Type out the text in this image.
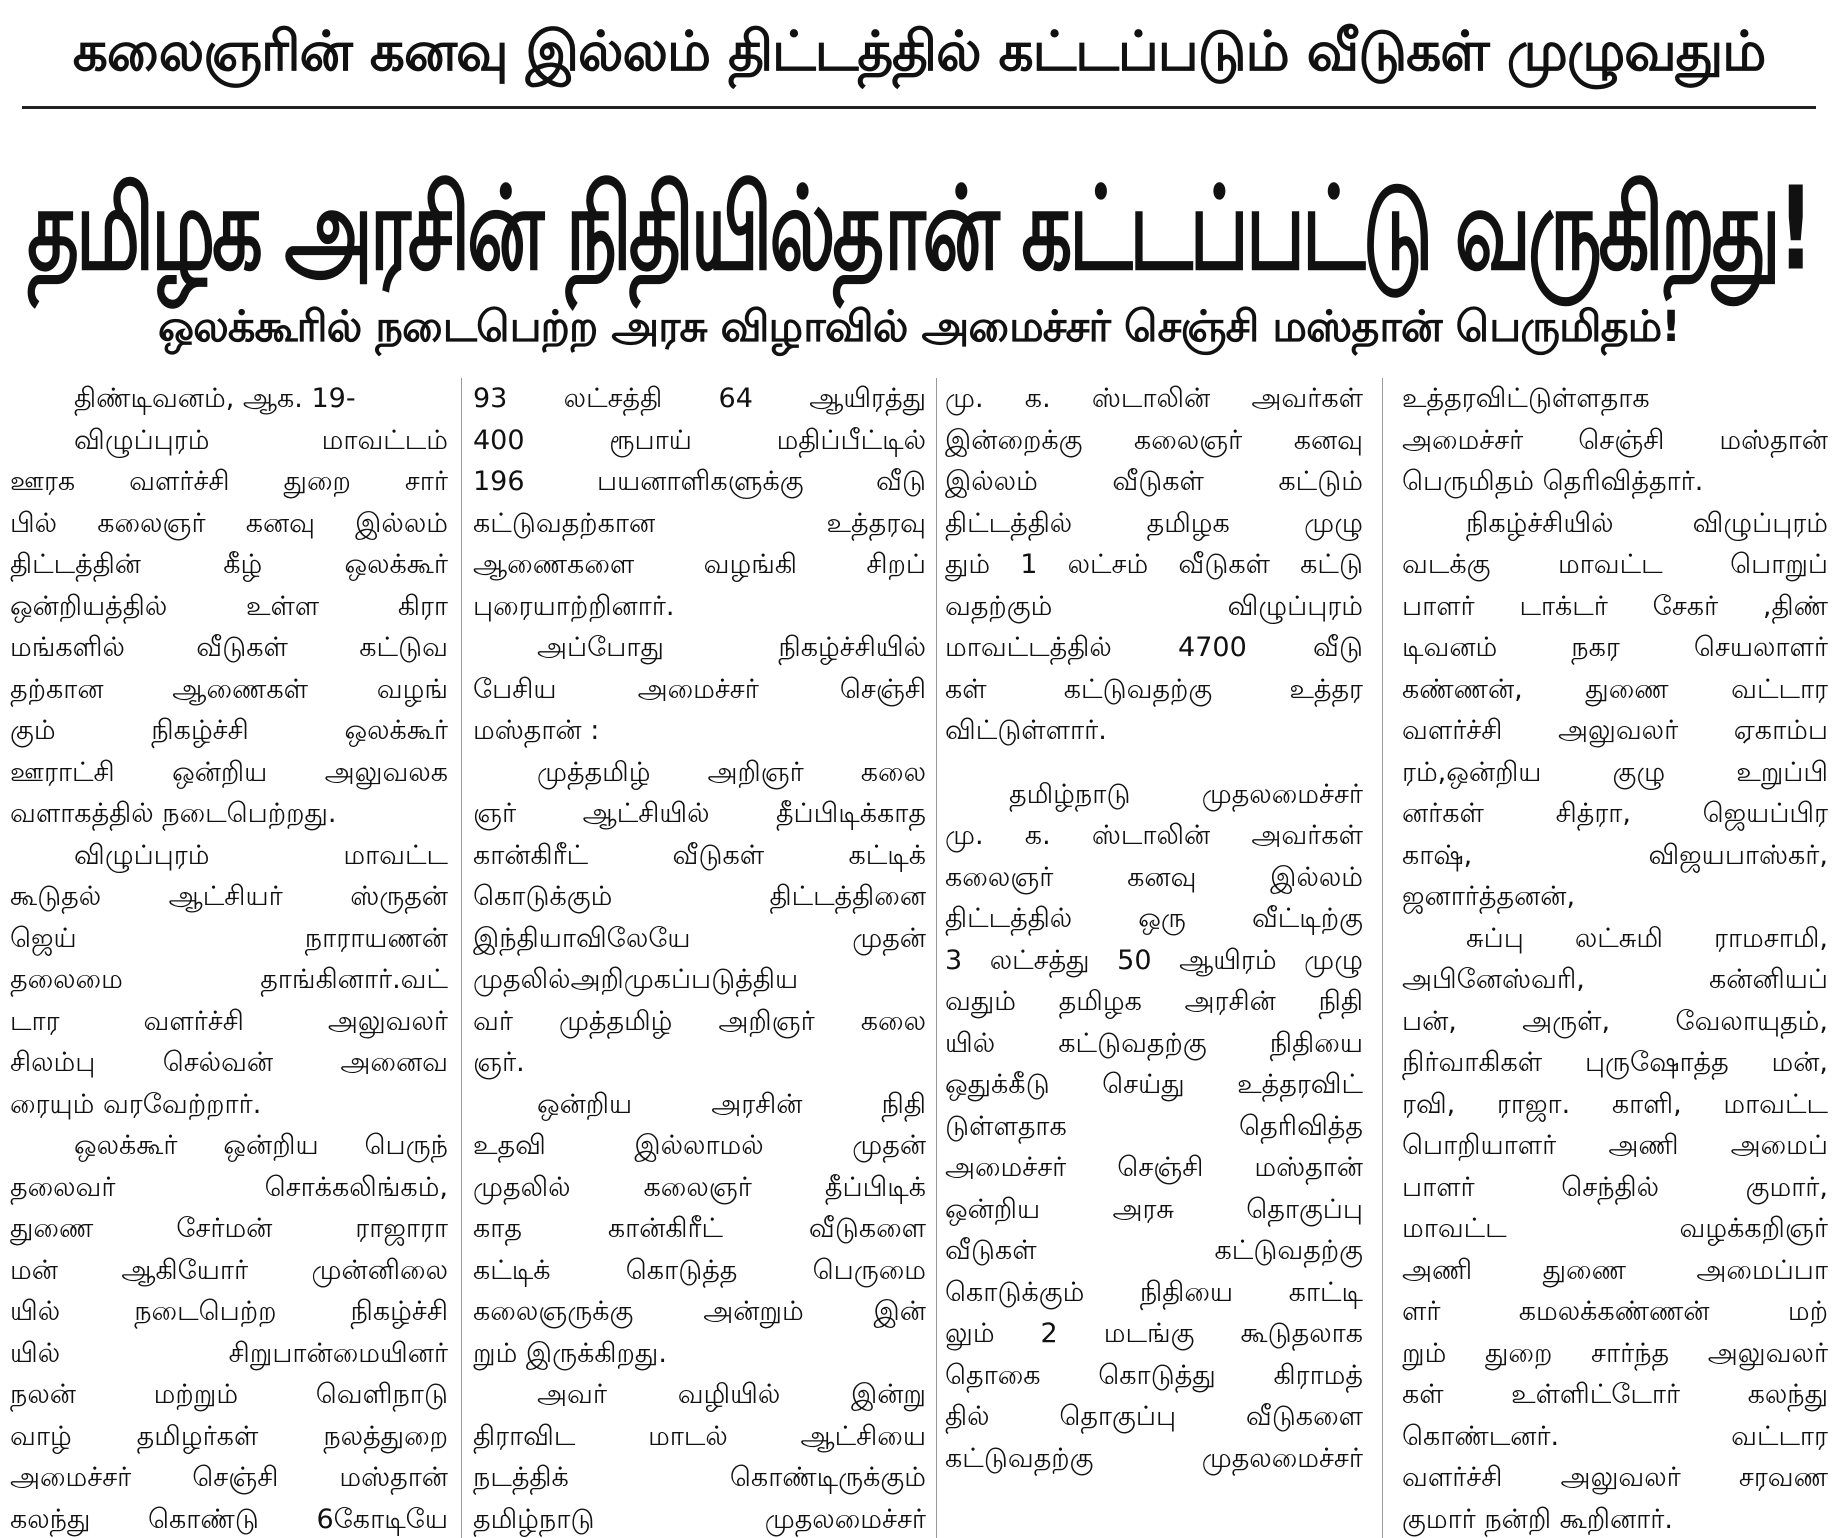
கலைஞரின் கனவு இல்லம் திட்டத்தில் கட்டப்படும் வீடுகள் முழுவதும்
தமிழக அரசின் நிதியில்தான் கட்டப்பட்டு வருகிறது!
ஒலக்கூரில் நடைபெற்ற அரசு விழாவில் அமைச்சர் செஞ்சி மஸ்தான் பெருமிதம்!
திண்டிவனம், ஆக. 19-
விழுப்புரம் மாவட்டம்
ஊரக வளர்ச்சி துறை சார்
பில் கலைஞர் கனவு இல்லம்
திட்டத்தின் கீழ் ஒலக்கூர்
ஒன்றியத்தில் உள்ள கிரா
மங்களில் வீடுகள் கட்டுவ
தற்கான ஆணைகள் வழங்
கும் நிகழ்ச்சி ஒலக்கூர்
ஊராட்சி ஒன்றிய அலுவலக
வளாகத்தில் நடைபெற்றது.
விழுப்புரம் மாவட்ட
கூடுதல் ஆட்சியர் ஸ்ருதன்
ஜெய் நாராயணன்
தலைமை தாங்கினார்.வட்
டார வளர்ச்சி அலுவலர்
சிலம்பு செல்வன் அனைவ
ரையும் வரவேற்றார்.
ஒலக்கூர் ஒன்றிய பெருந்
தலைவர் சொக்கலிங்கம்,
துணை சேர்மன் ராஜாரா
மன் ஆகியோர் முன்னிலை
யில் நடைபெற்ற நிகழ்ச்சி
யில் சிறுபான்மையினர்
நலன் மற்றும் வெளிநாடு
வாழ் தமிழர்கள் நலத்துறை
அமைச்சர் செஞ்சி மஸ்தான்
கலந்து கொண்டு 6கோடியே
93 லட்சத்தி 64 ஆயிரத்து
400 ரூபாய் மதிப்பீட்டில்
196 பயனாளிகளுக்கு வீடு
கட்டுவதற்கான உத்தரவு
ஆணைகளை வழங்கி சிறப்
புரையாற்றினார்.
அப்போது நிகழ்ச்சியில்
பேசிய அமைச்சர் செஞ்சி
மஸ்தான் :
முத்தமிழ் அறிஞர் கலை
ஞர் ஆட்சியில் தீப்பிடிக்காத
கான்கிரீட் வீடுகள் கட்டிக்
கொடுக்கும் திட்டத்தினை
இந்தியாவிலேயே முதன்
முதலில்அறிமுகப்படுத்திய
வர் முத்தமிழ் அறிஞர் கலை
ஞர்.
ஒன்றிய அரசின் நிதி
உதவி இல்லாமல் முதன்
முதலில் கலைஞர் தீப்பிடிக்
காத கான்கிரீட் வீடுகளை
கட்டிக் கொடுத்த பெருமை
கலைஞருக்கு அன்றும் இன்
றும் இருக்கிறது.
அவர் வழியில் இன்று
திராவிட மாடல் ஆட்சியை
நடத்திக் கொண்டிருக்கும்
தமிழ்நாடு முதலமைச்சர்
மு. க. ஸ்டாலின் அவர்கள்
இன்றைக்கு கலைஞர் கனவு
இல்லம் வீடுகள் கட்டும்
திட்டத்தில் தமிழக முழு
தும் 1 லட்சம் வீடுகள் கட்டு
வதற்கும் விழுப்புரம்
மாவட்டத்தில் 4700 வீடு
கள் கட்டுவதற்கு உத்தர
விட்டுள்ளார்.
தமிழ்நாடு முதலமைச்சர்
மு. க. ஸ்டாலின் அவர்கள்
கலைஞர் கனவு இல்லம்
திட்டத்தில் ஒரு வீட்டிற்கு
3 லட்சத்து 50 ஆயிரம் முழு
வதும் தமிழக அரசின் நிதி
யில் கட்டுவதற்கு நிதியை
ஒதுக்கீடு செய்து உத்தரவிட்
டுள்ளதாக தெரிவித்த
அமைச்சர் செஞ்சி மஸ்தான்
ஒன்றிய அரசு தொகுப்பு
வீடுகள் கட்டுவதற்கு
கொடுக்கும் நிதியை காட்டி
லும் 2 மடங்கு கூடுதலாக
தொகை கொடுத்து கிராமத்
தில் தொகுப்பு வீடுகளை
கட்டுவதற்கு முதலமைச்சர்
உத்தரவிட்டுள்ளதாக
அமைச்சர் செஞ்சி மஸ்தான்
பெருமிதம் தெரிவித்தார்.
நிகழ்ச்சியில் விழுப்புரம்
வடக்கு மாவட்ட பொறுப்
பாளர் டாக்டர் சேகர் ,திண்
டிவனம் நகர செயலாளர்
கண்ணன், துணை வட்டார
வளர்ச்சி அலுவலர் ஏகாம்ப
ரம்,ஒன்றிய குழு உறுப்பி
னர்கள் சித்ரா, ஜெயப்பிர
காஷ், விஜயபாஸ்கர்,
ஜனார்த்தனன்,
சுப்பு லட்சுமி ராமசாமி,
அபினேஸ்வரி, கன்னியப்
பன், அருள், வேலாயுதம்,
நிர்வாகிகள் புருஷோத்த மன்,
ரவி, ராஜா. காளி, மாவட்ட
பொறியாளர் அணி அமைப்
பாளர் செந்தில் குமார்,
மாவட்ட வழக்கறிஞர்
அணி துணை அமைப்பா
ளர் கமலக்கண்ணன் மற்
றும் துறை சார்ந்த அலுவலர்
கள் உள்ளிட்டோர் கலந்து
கொண்டனர். வட்டார
வளர்ச்சி அலுவலர் சரவண
குமார் நன்றி கூறினார்.
